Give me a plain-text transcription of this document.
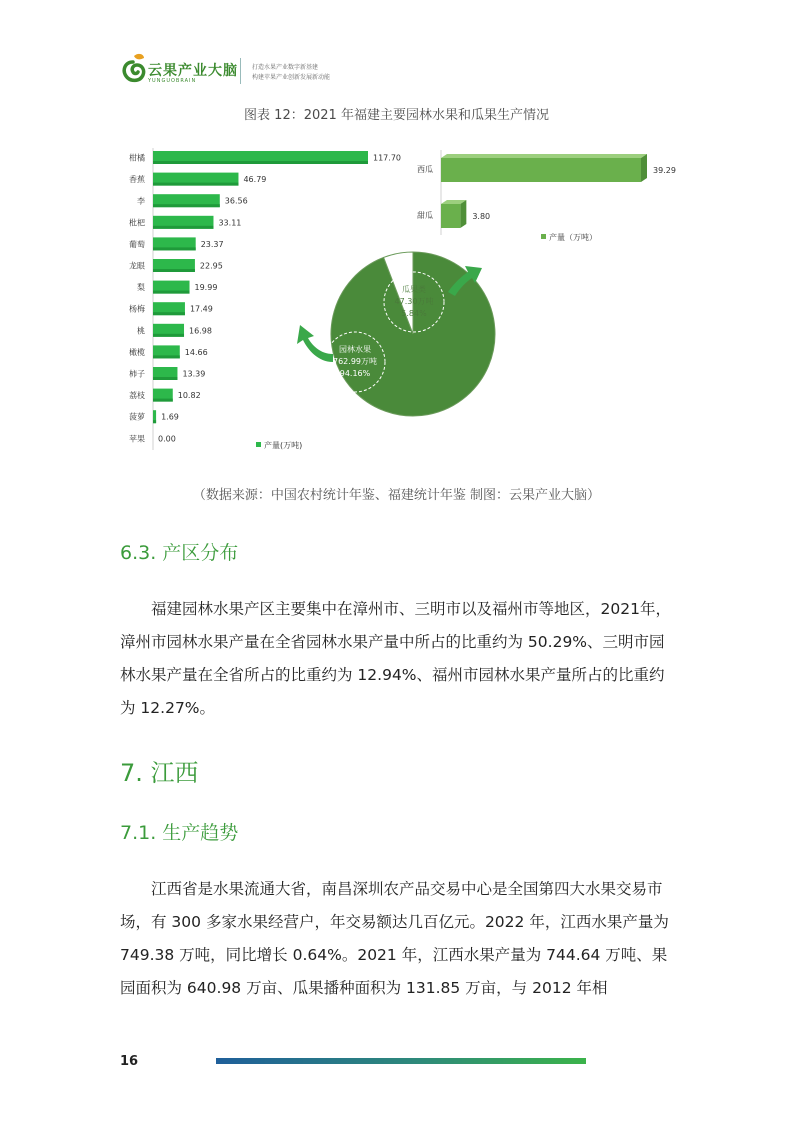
云果产业大脑
YUNGUOBRAIN
打造水果产业数字新基建
构建苹果产业创新发展新动能
图表 12：2021 年福建主要园林水果和瓜果生产情况
柑橘	117.70
香蕉	46.79
李	36.56
枇杷	33.11
葡萄	23.37
龙眼	22.95
梨	19.99
杨梅	17.49
桃	16.98
橄榄	14.66
柿子	13.39
荔枝	10.82
菠萝 1.69
苹果 0.00
产量(万吨)
园林水果
762.99万吨
94.16%
瓜果类
47.30万吨
5.84%
西瓜	39.29
甜瓜	3.80
产量（万吨）
（数据来源：中国农村统计年鉴、福建统计年鉴 制图：云果产业大脑）
6.3. 产区分布
福建园林水果产区主要集中在漳州市、三明市以及福州市等地区，2021年，漳州市园林水果产量在全省园林水果产量中所占的比重约为 50.29%、三明市园林水果产量在全省所占的比重约为 12.94%、福州市园林水果产量所占的比重约为 12.27%。
7. 江西
7.1. 生产趋势
江西省是水果流通大省，南昌深圳农产品交易中心是全国第四大水果交易市场，有 300 多家水果经营户，年交易额达几百亿元。2022 年，江西水果产量为 749.38 万吨，同比增长 0.64%。2021 年，江西水果产量为 744.64 万吨、果园面积为 640.98 万亩、瓜果播种面积为 131.85 万亩，与 2012 年相
16
